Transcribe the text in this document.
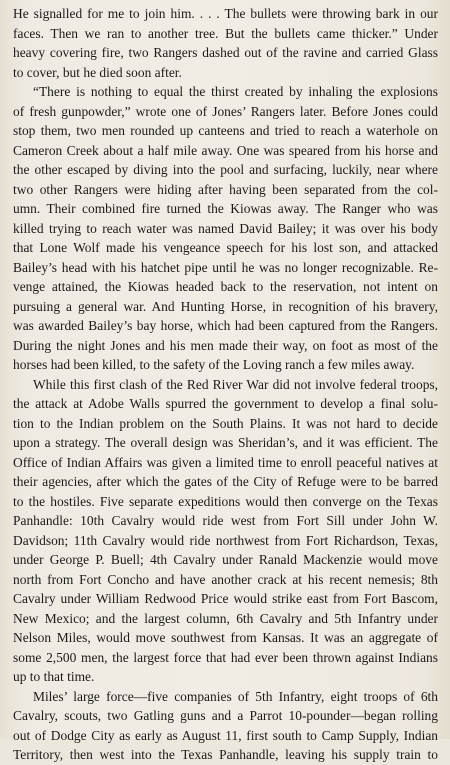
He signalled for me to join him. . . . The bullets were throwing bark in our
faces. Then we ran to another tree. But the bullets came thicker.” Under
heavy covering fire, two Rangers dashed out of the ravine and carried Glass
to cover, but he died soon after.
“There is nothing to equal the thirst created by inhaling the explosions
of fresh gunpowder,” wrote one of Jones’ Rangers later. Before Jones could
stop them, two men rounded up canteens and tried to reach a waterhole on
Cameron Creek about a half mile away. One was speared from his horse and
the other escaped by diving into the pool and surfacing, luckily, near where
two other Rangers were hiding after having been separated from the col-
umn. Their combined fire turned the Kiowas away. The Ranger who was
killed trying to reach water was named David Bailey; it was over his body
that Lone Wolf made his vengeance speech for his lost son, and attacked
Bailey’s head with his hatchet pipe until he was no longer recognizable. Re-
venge attained, the Kiowas headed back to the reservation, not intent on
pursuing a general war. And Hunting Horse, in recognition of his bravery,
was awarded Bailey’s bay horse, which had been captured from the Rangers.
During the night Jones and his men made their way, on foot as most of the
horses had been killed, to the safety of the Loving ranch a few miles away.
While this first clash of the Red River War did not involve federal troops,
the attack at Adobe Walls spurred the government to develop a final solu-
tion to the Indian problem on the South Plains. It was not hard to decide
upon a strategy. The overall design was Sheridan’s, and it was efficient. The
Office of Indian Affairs was given a limited time to enroll peaceful natives at
their agencies, after which the gates of the City of Refuge were to be barred
to the hostiles. Five separate expeditions would then converge on the Texas
Panhandle: 10th Cavalry would ride west from Fort Sill under John W.
Davidson; 11th Cavalry would ride northwest from Fort Richardson, Texas,
under George P. Buell; 4th Cavalry under Ranald Mackenzie would move
north from Fort Concho and have another crack at his recent nemesis; 8th
Cavalry under William Redwood Price would strike east from Fort Bascom,
New Mexico; and the largest column, 6th Cavalry and 5th Infantry under
Nelson Miles, would move southwest from Kansas. It was an aggregate of
some 2,500 men, the largest force that had ever been thrown against Indians
up to that time.
Miles’ large force—five companies of 5th Infantry, eight troops of 6th
Cavalry, scouts, two Gatling guns and a Parrot 10-pounder—began rolling
out of Dodge City as early as August 11, first south to Camp Supply, Indian
Territory, then west into the Texas Panhandle, leaving his supply train to
